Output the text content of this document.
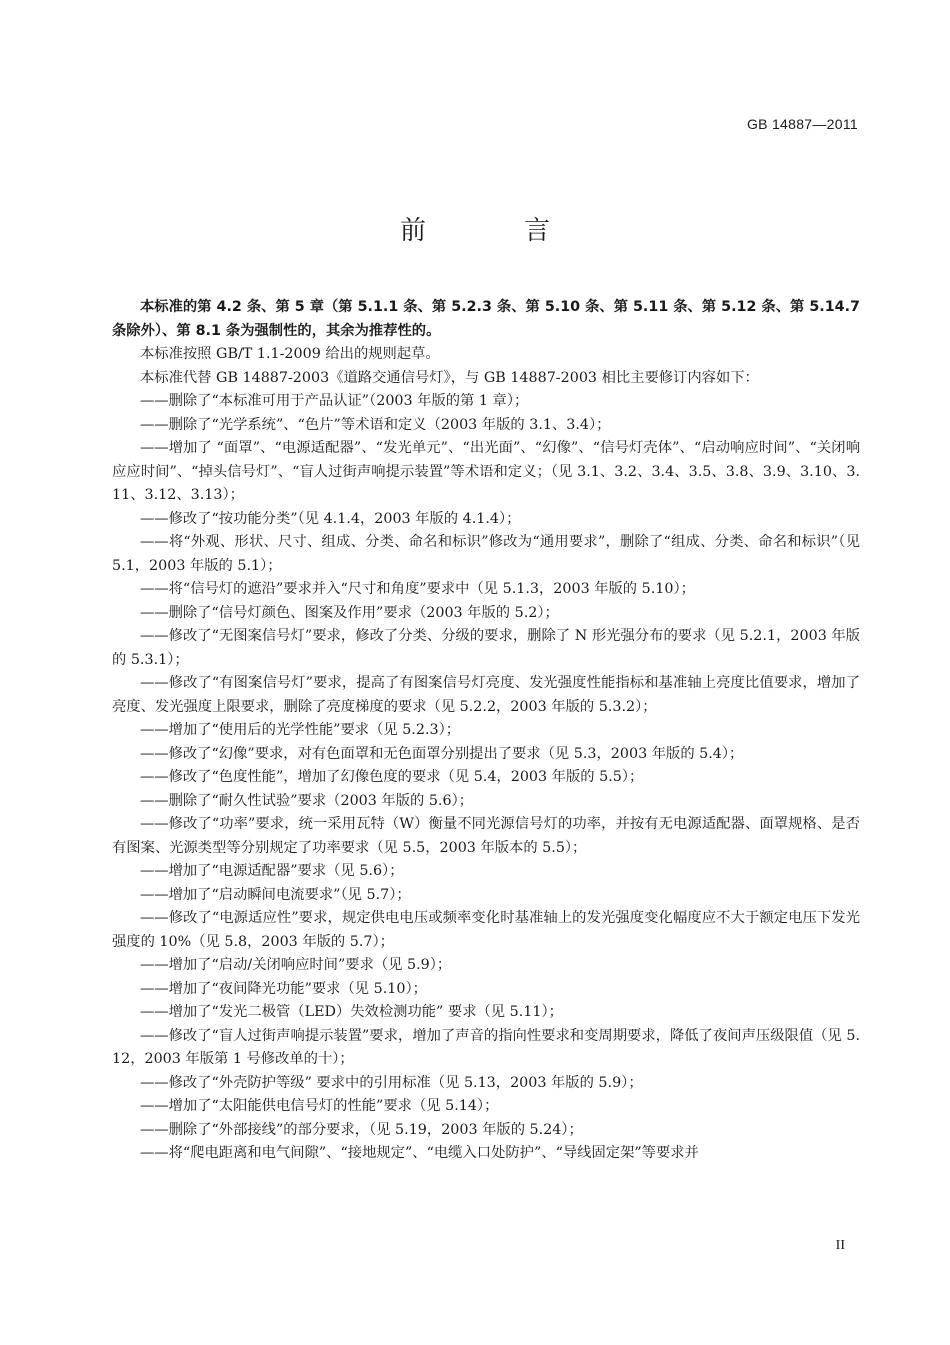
GB 14887—2011
前　言

本标准的第 4.2 条、第 5 章（第 5.1.1 条、第 5.2.3 条、第 5.10 条、第 5.11 条、第 5.12 条、第 5.14.7 条除外）、第 8.1 条为强制性的，其余为推荐性的。

本标准按照 GB/T 1.1-2009 给出的规则起草。

本标准代替 GB 14887-2003《道路交通信号灯》，与 GB 14887-2003 相比主要修订内容如下：

——删除了“本标准可用于产品认证”（2003 年版的第 1 章）；

——删除了“光学系统”、“色片”等术语和定义（2003 年版的 3.1、3.4）；

——增加了 “面罩”、“电源适配器”、“发光单元”、“出光面”、“幻像”、“信号灯壳体”、“启动响应时间”、“关闭响应应时间”、“掉头信号灯”、“盲人过街声响提示装置”等术语和定义；（见 3.1、3.2、3.4、3.5、3.8、3.9、3.10、3.11、3.12、3.13）；

——修改了“按功能分类”（见 4.1.4，2003 年版的 4.1.4）；

——将“外观、形状、尺寸、组成、分类、命名和标识”修改为“通用要求”，删除了“组成、分类、命名和标识”（见 5.1，2003 年版的 5.1）；

——将“信号灯的遮沿”要求并入“尺寸和角度”要求中（见 5.1.3，2003 年版的 5.10）；

——删除了“信号灯颜色、图案及作用”要求（2003 年版的 5.2）；

——修改了“无图案信号灯”要求，修改了分类、分级的要求，删除了 N 形光强分布的要求（见 5.2.1，2003 年版的 5.3.1）；

——修改了“有图案信号灯”要求，提高了有图案信号灯亮度、发光强度性能指标和基准轴上亮度比值要求，增加了亮度、发光强度上限要求，删除了亮度梯度的要求（见 5.2.2，2003 年版的 5.3.2）；

——增加了“使用后的光学性能”要求（见 5.2.3）；

——修改了“幻像”要求，对有色面罩和无色面罩分别提出了要求（见 5.3，2003 年版的 5.4）；

——修改了“色度性能”，增加了幻像色度的要求（见 5.4，2003 年版的 5.5）；

——删除了“耐久性试验”要求（2003 年版的 5.6）；

——修改了“功率”要求，统一采用瓦特（W）衡量不同光源信号灯的功率，并按有无电源适配器、面罩规格、是否有图案、光源类型等分别规定了功率要求（见 5.5，2003 年版本的 5.5）；

——增加了“电源适配器”要求（见 5.6）；

——增加了“启动瞬间电流要求”（见 5.7）；

——修改了“电源适应性”要求，规定供电电压或频率变化时基准轴上的发光强度变化幅度应不大于额定电压下发光强度的 10%（见 5.8，2003 年版的 5.7）；

——增加了“启动/关闭响应时间”要求（见 5.9）；

——增加了“夜间降光功能”要求（见 5.10）；

——增加了“发光二极管（LED）失效检测功能” 要求（见 5.11）；

——修改了“盲人过街声响提示装置”要求，增加了声音的指向性要求和变周期要求，降低了夜间声压级限值（见 5.12，2003 年版第 1 号修改单的十）；

——修改了“外壳防护等级” 要求中的引用标准（见 5.13，2003 年版的 5.9）；

——增加了“太阳能供电信号灯的性能”要求（见 5.14）；

——删除了“外部接线”的部分要求，（见 5.19，2003 年版的 5.24）；

——将“爬电距离和电气间隙”、“接地规定”、“电缆入口处防护”、“导线固定架”等要求并

II
